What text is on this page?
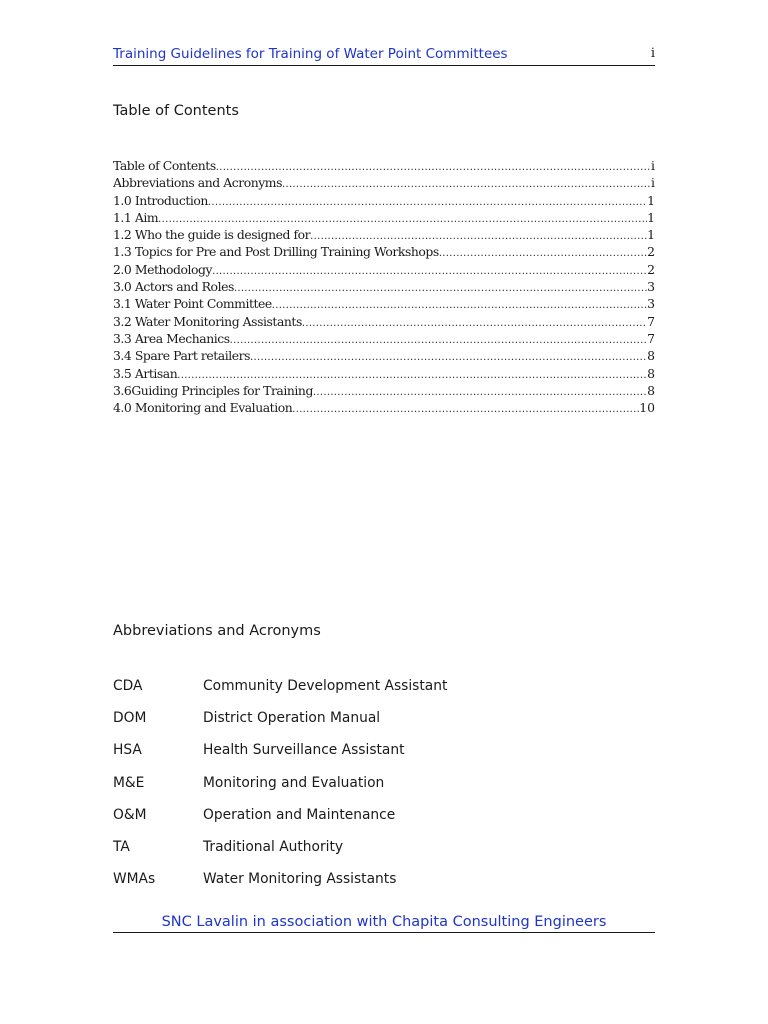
Training Guidelines for Training of Water Point Committees	i
Table of Contents
Table of Contents .....	i
Abbreviations and Acronyms .....	i
1.0 Introduction .....	1
1.1 Aim .....	1
1.2 Who the guide is designed for .....	1
1.3 Topics for Pre and Post Drilling Training Workshops .....	2
2.0 Methodology .....	2
3.0 Actors and Roles .....	3
3.1 Water Point Committee .....	3
3.2 Water Monitoring Assistants .....	7
3.3 Area Mechanics .....	7
3.4 Spare Part retailers .....	8
3.5 Artisan .....	8
3.6Guiding Principles for Training .....	8
4.0 Monitoring and Evaluation .....	10
Abbreviations and Acronyms
CDA	Community Development Assistant
DOM	District Operation Manual
HSA	Health Surveillance Assistant
M&E	Monitoring and Evaluation
O&M	Operation and Maintenance
TA	Traditional Authority
WMAs	Water Monitoring Assistants
SNC Lavalin in association with Chapita Consulting Engineers
